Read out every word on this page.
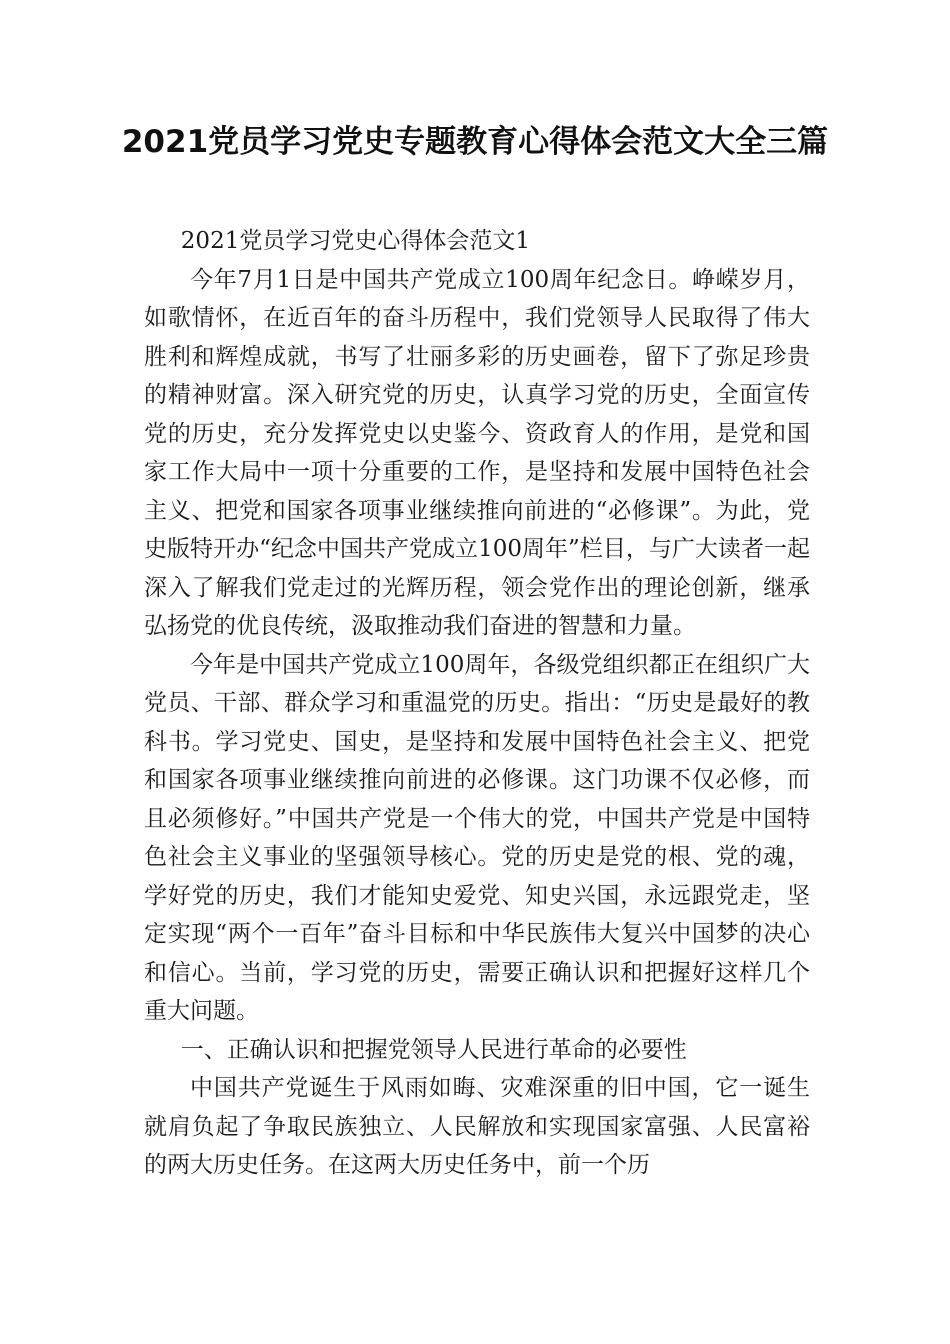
2021党员学习党史专题教育心得体会范文大全三篇

2021党员学习党史心得体会范文1

今年7月1日是中国共产党成立100周年纪念日。峥嵘岁月，如歌情怀，在近百年的奋斗历程中，我们党领导人民取得了伟大胜利和辉煌成就，书写了壮丽多彩的历史画卷，留下了弥足珍贵的精神财富。深入研究党的历史，认真学习党的历史，全面宣传党的历史，充分发挥党史以史鉴今、资政育人的作用，是党和国家工作大局中一项十分重要的工作，是坚持和发展中国特色社会主义、把党和国家各项事业继续推向前进的“必修课”。为此，党史版特开办“纪念中国共产党成立100周年”栏目，与广大读者一起深入了解我们党走过的光辉历程，领会党作出的理论创新，继承弘扬党的优良传统，汲取推动我们奋进的智慧和力量。

今年是中国共产党成立100周年，各级党组织都正在组织广大党员、干部、群众学习和重温党的历史。指出：“历史是最好的教科书。学习党史、国史，是坚持和发展中国特色社会主义、把党和国家各项事业继续推向前进的必修课。这门功课不仅必修，而且必须修好。”中国共产党是一个伟大的党，中国共产党是中国特色社会主义事业的坚强领导核心。党的历史是党的根、党的魂，学好党的历史，我们才能知史爱党、知史兴国，永远跟党走，坚定实现“两个一百年”奋斗目标和中华民族伟大复兴中国梦的决心和信心。当前，学习党的历史，需要正确认识和把握好这样几个重大问题。

一、正确认识和把握党领导人民进行革命的必要性

中国共产党诞生于风雨如晦、灾难深重的旧中国，它一诞生就肩负起了争取民族独立、人民解放和实现国家富强、人民富裕的两大历史任务。在这两大历史任务中，前一个历
